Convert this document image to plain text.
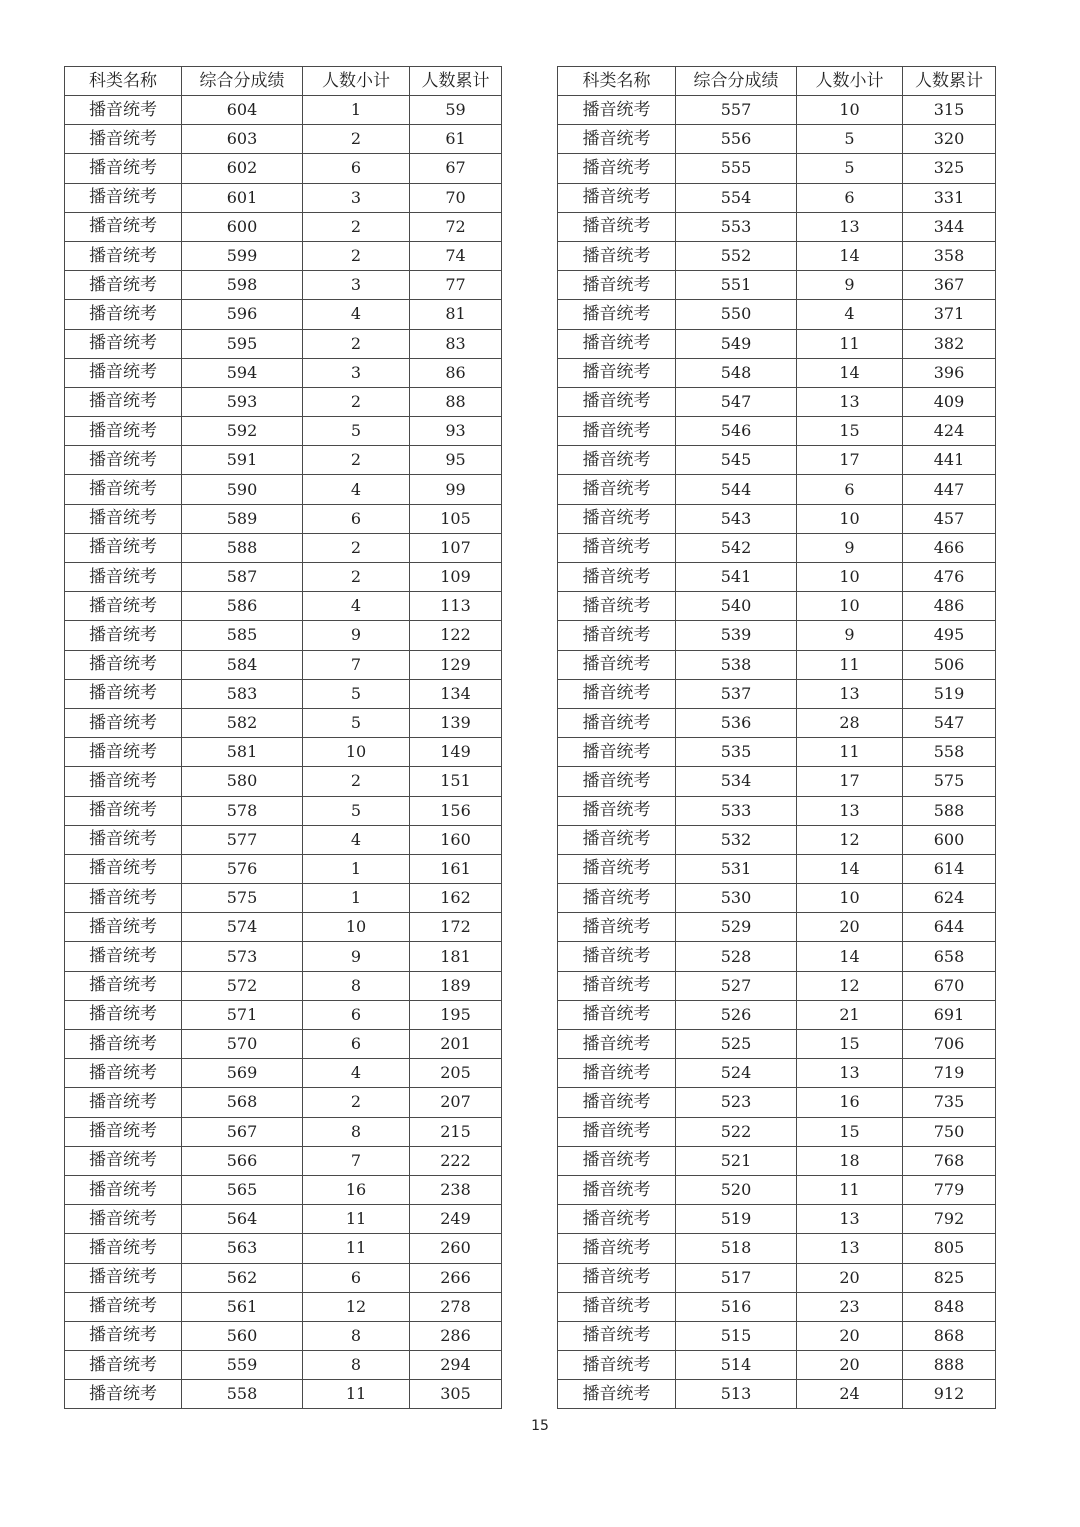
科类名称	综合分成绩	人数小计	人数累计
播音统考	604	1	59
播音统考	603	2	61
播音统考	602	6	67
播音统考	601	3	70
播音统考	600	2	72
播音统考	599	2	74
播音统考	598	3	77
播音统考	596	4	81
播音统考	595	2	83
播音统考	594	3	86
播音统考	593	2	88
播音统考	592	5	93
播音统考	591	2	95
播音统考	590	4	99
播音统考	589	6	105
播音统考	588	2	107
播音统考	587	2	109
播音统考	586	4	113
播音统考	585	9	122
播音统考	584	7	129
播音统考	583	5	134
播音统考	582	5	139
播音统考	581	10	149
播音统考	580	2	151
播音统考	578	5	156
播音统考	577	4	160
播音统考	576	1	161
播音统考	575	1	162
播音统考	574	10	172
播音统考	573	9	181
播音统考	572	8	189
播音统考	571	6	195
播音统考	570	6	201
播音统考	569	4	205
播音统考	568	2	207
播音统考	567	8	215
播音统考	566	7	222
播音统考	565	16	238
播音统考	564	11	249
播音统考	563	11	260
播音统考	562	6	266
播音统考	561	12	278
播音统考	560	8	286
播音统考	559	8	294
播音统考	558	11	305
科类名称	综合分成绩	人数小计	人数累计
播音统考	557	10	315
播音统考	556	5	320
播音统考	555	5	325
播音统考	554	6	331
播音统考	553	13	344
播音统考	552	14	358
播音统考	551	9	367
播音统考	550	4	371
播音统考	549	11	382
播音统考	548	14	396
播音统考	547	13	409
播音统考	546	15	424
播音统考	545	17	441
播音统考	544	6	447
播音统考	543	10	457
播音统考	542	9	466
播音统考	541	10	476
播音统考	540	10	486
播音统考	539	9	495
播音统考	538	11	506
播音统考	537	13	519
播音统考	536	28	547
播音统考	535	11	558
播音统考	534	17	575
播音统考	533	13	588
播音统考	532	12	600
播音统考	531	14	614
播音统考	530	10	624
播音统考	529	20	644
播音统考	528	14	658
播音统考	527	12	670
播音统考	526	21	691
播音统考	525	15	706
播音统考	524	13	719
播音统考	523	16	735
播音统考	522	15	750
播音统考	521	18	768
播音统考	520	11	779
播音统考	519	13	792
播音统考	518	13	805
播音统考	517	20	825
播音统考	516	23	848
播音统考	515	20	868
播音统考	514	20	888
播音统考	513	24	912
15
